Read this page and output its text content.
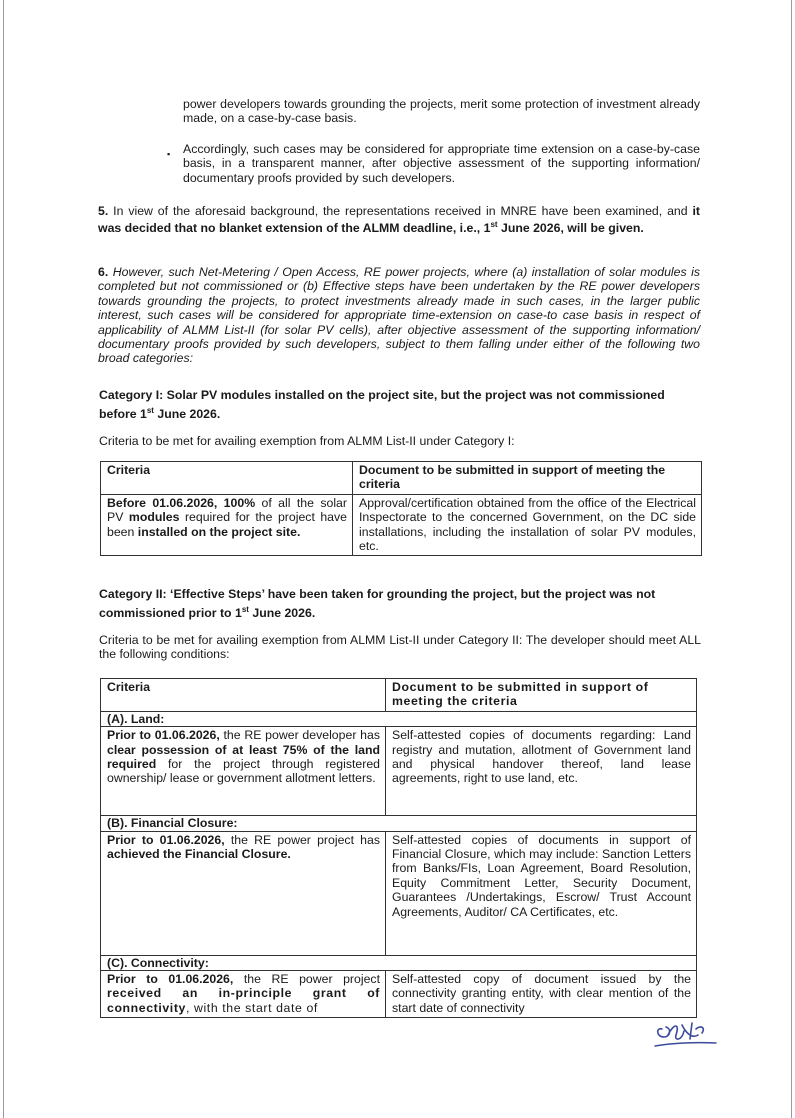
power developers towards grounding the projects, merit some protection of investment already made, on a case-by-case basis.
▪ Accordingly, such cases may be considered for appropriate time extension on a case-by-case basis, in a transparent manner, after objective assessment of the supporting information/ documentary proofs provided by such developers.
5. In view of the aforesaid background, the representations received in MNRE have been examined, and it was decided that no blanket extension of the ALMM deadline, i.e., 1st June 2026, will be given.
6. However, such Net-Metering / Open Access, RE power projects, where (a) installation of solar modules is completed but not commissioned or (b) Effective steps have been undertaken by the RE power developers towards grounding the projects, to protect investments already made in such cases, in the larger public interest, such cases will be considered for appropriate time-extension on case-to case basis in respect of applicability of ALMM List-II (for solar PV cells), after objective assessment of the supporting information/ documentary proofs provided by such developers, subject to them falling under either of the following two broad categories:
Category I: Solar PV modules installed on the project site, but the project was not commissioned before 1st June 2026.
Criteria to be met for availing exemption from ALMM List-II under Category I:
Criteria	Document to be submitted in support of meeting the criteria
Before 01.06.2026, 100% of all the solar PV modules required for the project have been installed on the project site.	Approval/certification obtained from the office of the Electrical Inspectorate to the concerned Government, on the DC side installations, including the installation of solar PV modules, etc.
Category II: ‘Effective Steps’ have been taken for grounding the project, but the project was not commissioned prior to 1st June 2026.
Criteria to be met for availing exemption from ALMM List-II under Category II: The developer should meet ALL the following conditions:
Criteria	Document to be submitted in support of meeting the criteria
(A). Land:	
Prior to 01.06.2026, the RE power developer has clear possession of at least 75% of the land required for the project through registered ownership/ lease or government allotment letters.	Self-attested copies of documents regarding: Land registry and mutation, allotment of Government land and physical handover thereof, land lease agreements, right to use land, etc.
(B). Financial Closure:	
Prior to 01.06.2026, the RE power project has achieved the Financial Closure.	Self-attested copies of documents in support of Financial Closure, which may include: Sanction Letters from Banks/FIs, Loan Agreement, Board Resolution, Equity Commitment Letter, Security Document, Guarantees /Undertakings, Escrow/ Trust Account Agreements, Auditor/ CA Certificates, etc.
(C). Connectivity:	
Prior to 01.06.2026, the RE power project received an in-principle grant of connectivity, with the start date of	Self-attested copy of document issued by the connectivity granting entity, with clear mention of the start date of connectivity
